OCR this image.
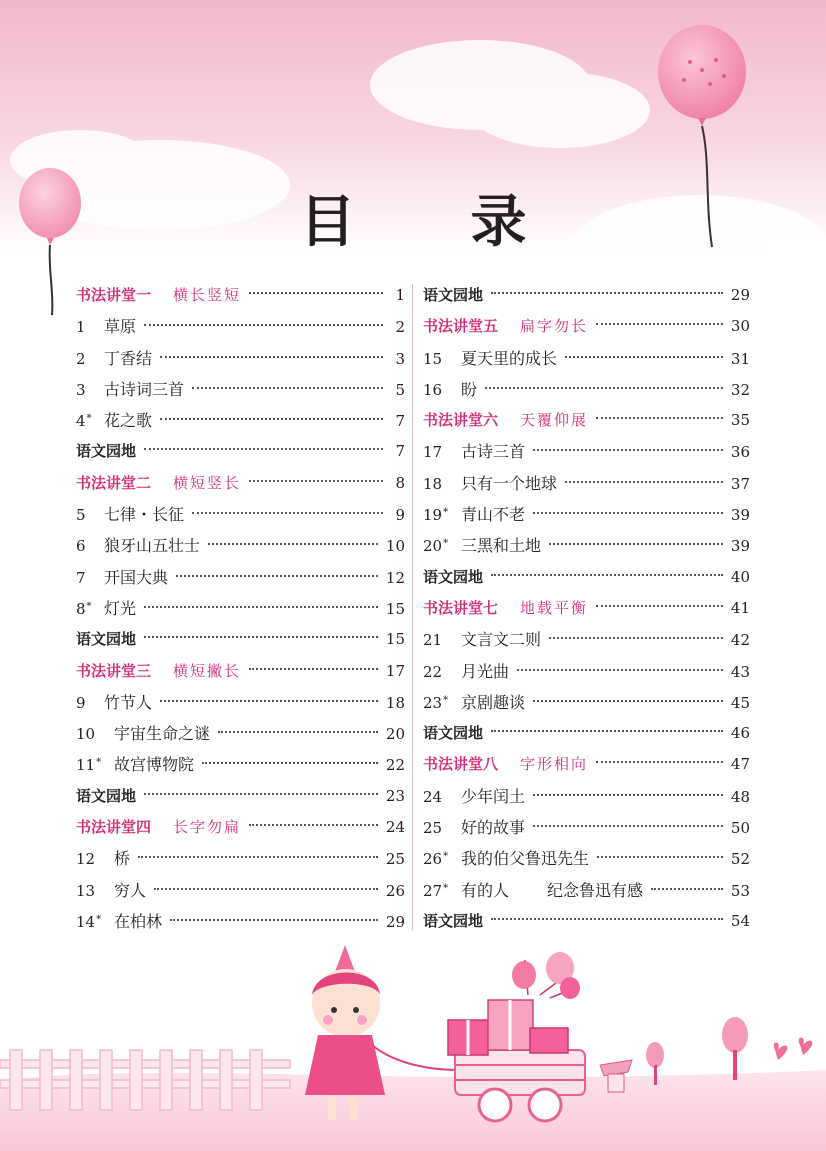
目 录
书法讲堂一 横长竖短	1
1	草原	2
2	丁香结	3
3	古诗词三首	5
4* 花之歌	7
语文园地	7
书法讲堂二 横短竖长	8
5	七律・长征	9
6	狼牙山五壮士	10
7	开国大典	12
8* 灯光	15
语文园地	15
书法讲堂三 横短撇长	17
9	竹节人	18
10	宇宙生命之谜	20
11* 故宫博物院	22
语文园地	23
书法讲堂四 长字勿扁	24
12	桥	25
13	穷人	26
14* 在柏林	29
语文园地	29
书法讲堂五 扁字勿长	30
15	夏天里的成长	31
16	盼	32
书法讲堂六 天覆仰展	35
17	古诗三首	36
18	只有一个地球	37
19* 青山不老	39
20* 三黑和土地	39
语文园地	40
书法讲堂七 地载平衡	41
21	文言文二则	42
22	月光曲	43
23* 京剧趣谈	45
语文园地	46
书法讲堂八 字形相向	47
24	少年闰土	48
25	好的故事	50
26* 我的伯父鲁迅先生	52
27* 有的人 纪念鲁迅有感	53
语文园地	54
